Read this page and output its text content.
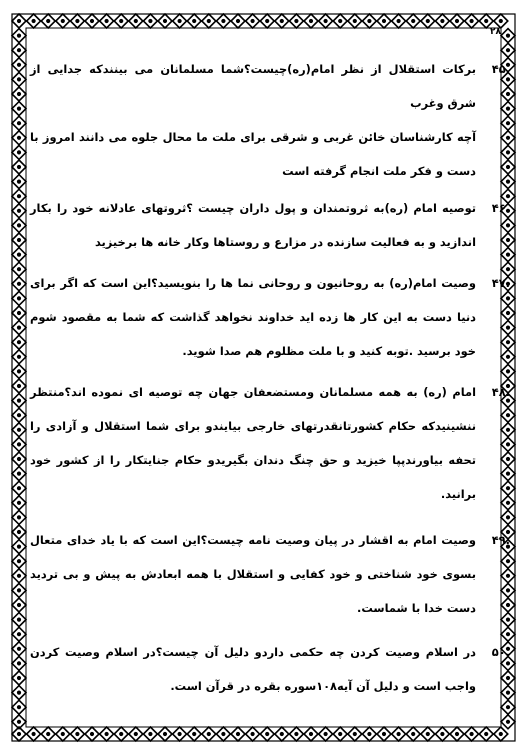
۲۸
۴۵.
برکات استقلال از نظر امام(ره)چیست؟شما مسلمانان می بینندکه جدایی از شرق وغرب
آ‌چه کارشناسان خائن غربی و شرقی برای ملت ما محال جلوه می دانند امروز با دست و فکر ملت انجام گرفته است
۴۶.
توصیه امام (ره)به ثروتمندان و پول داران چیست ؟ثروتهای عادلانه خود را بکار اندازید و به فعالیت سازنده در مزارع و روستاها وکار خانه ها برخیزید
۴۷.
وصیت امام(ره) به روحانیون و روحانی نما ها را بنویسید؟این است که اگر برای دنیا دست به این کار ها زده اید خداوند نخواهد گذاشت که شما به مقصود شوم خود برسید .توبه کنید و با ملت مظلوم هم صدا شوید.
۴۸.
امام (ره) به همه مسلمانان ومستضعفان جهان چه توصیه ای نموده اند؟منتظر ننشینیدکه حکام کشورتانقدرتهای خارجی بیایندو برای شما استقلال و آزادی را تحفه بیاورندپپا خیزید و حق چنگ دندان بگیریدو حکام جنایتکار را از کشور خود برانید.
۴۹.
وصیت امام به اقشار در پیان وصیت نامه چیست؟این است که با یاد خدای متعال بسوی خود شناختی و خود کفایی و استقلال با همه ابعادش به پیش و بی تردید دست خدا با شماست.
۵۰.
در اسلام وصیت کردن چه حکمی داردو دلیل آن چیست؟در اسلام وصیت کردن واجب است و دلیل آن آیه۱۰۸سوره بقره در قرآن است.
